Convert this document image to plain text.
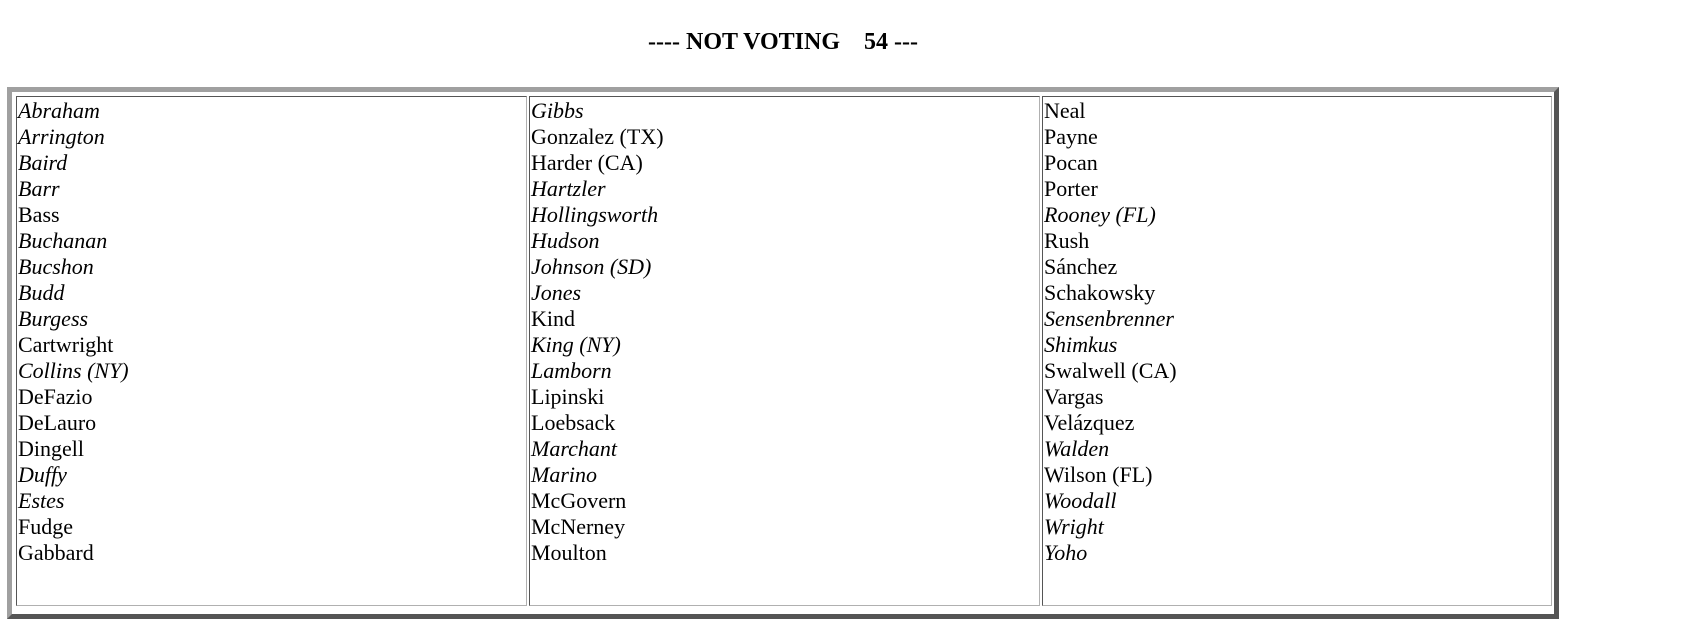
---- NOT VOTING    54 ---
Abraham
Arrington
Baird
Barr
Bass
Buchanan
Bucshon
Budd
Burgess
Cartwright
Collins (NY)
DeFazio
DeLauro
Dingell
Duffy
Estes
Fudge
Gabbard
Gibbs
Gonzalez (TX)
Harder (CA)
Hartzler
Hollingsworth
Hudson
Johnson (SD)
Jones
Kind
King (NY)
Lamborn
Lipinski
Loebsack
Marchant
Marino
McGovern
McNerney
Moulton
Neal
Payne
Pocan
Porter
Rooney (FL)
Rush
Sánchez
Schakowsky
Sensenbrenner
Shimkus
Swalwell (CA)
Vargas
Velázquez
Walden
Wilson (FL)
Woodall
Wright
Yoho
